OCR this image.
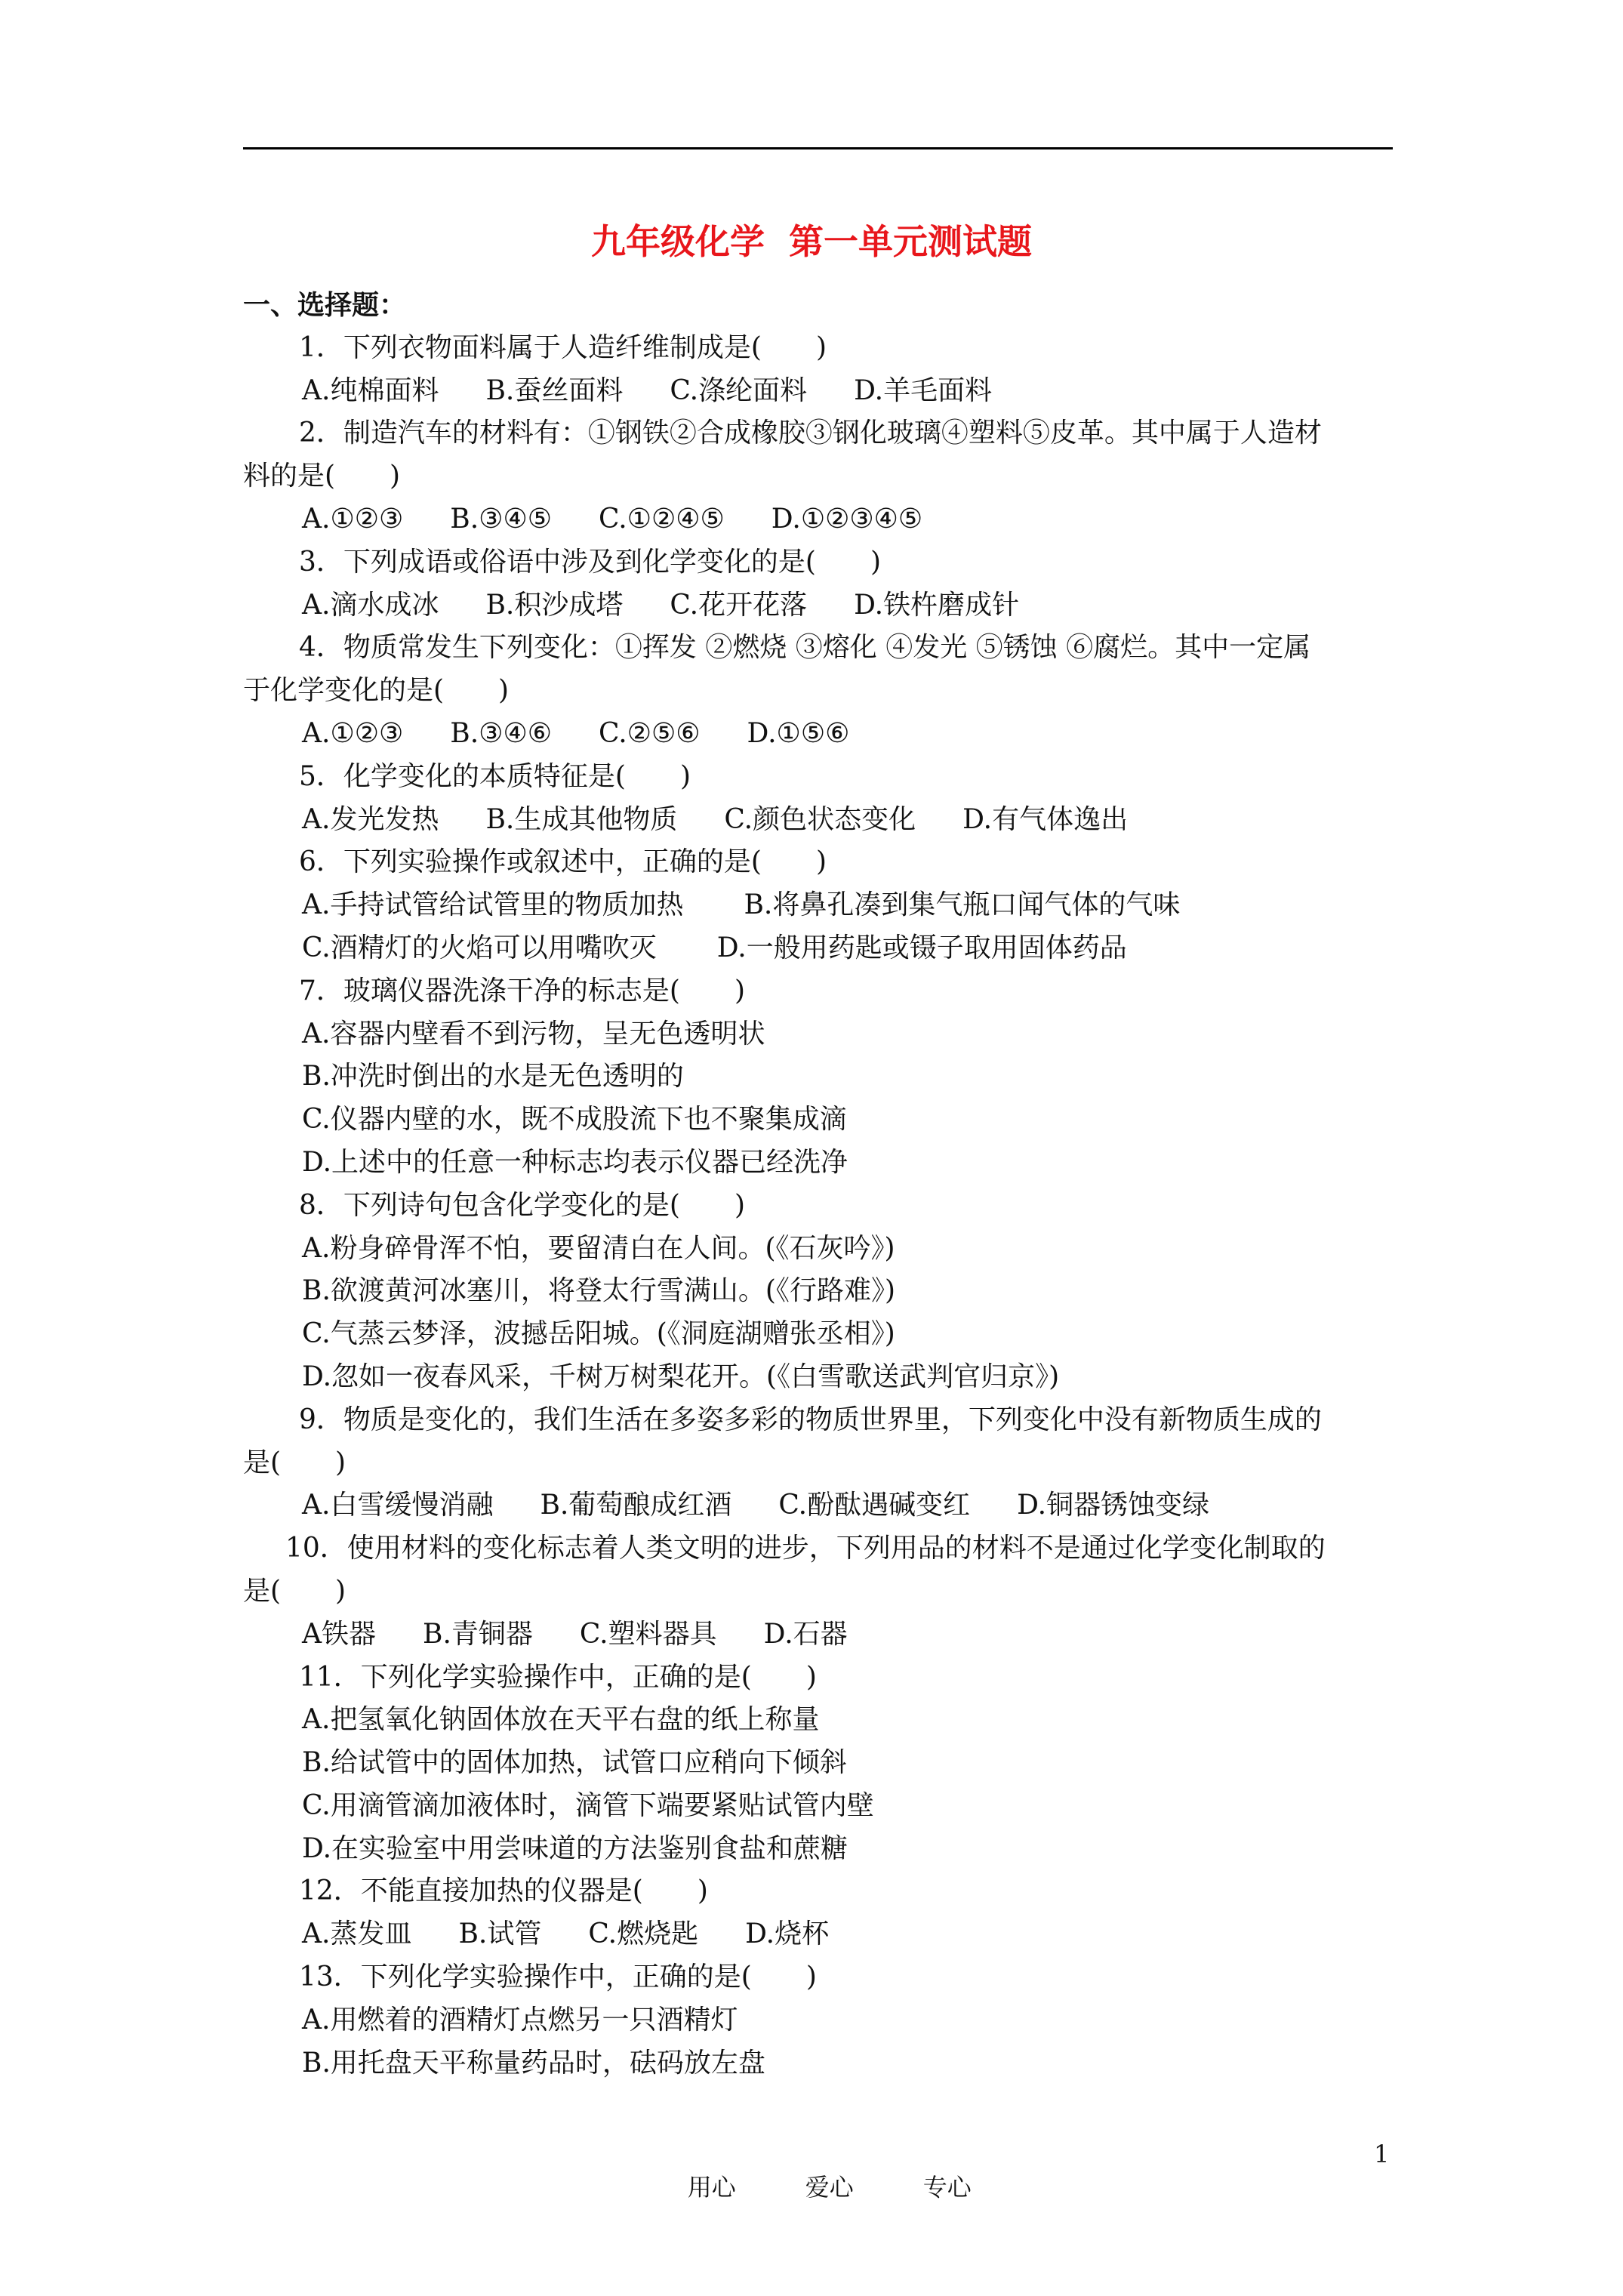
九年级化学  第一单元测试题
一、选择题：
1．下列衣物面料属于人造纤维制成是(　　)
A.纯棉面料 B.蚕丝面料 C.涤纶面料 D.羊毛面料
2．制造汽车的材料有：①钢铁②合成橡胶③钢化玻璃④塑料⑤皮革。其中属于人造材
料的是(　　)
A.①②③ B.③④⑤ C.①②④⑤ D.①②③④⑤
3．下列成语或俗语中涉及到化学变化的是(　　)
A.滴水成冰 B.积沙成塔 C.花开花落 D.铁杵磨成针
4．物质常发生下列变化：①挥发 ②燃烧 ③熔化 ④发光 ⑤锈蚀 ⑥腐烂。其中一定属
于化学变化的是(　　)
A.①②③ B.③④⑥ C.②⑤⑥ D.①⑤⑥
5．化学变化的本质特征是(　　)
A.发光发热 B.生成其他物质 C.颜色状态变化 D.有气体逸出
6．下列实验操作或叙述中，正确的是(　　)
A.手持试管给试管里的物质加热 B.将鼻孔凑到集气瓶口闻气体的气味
C.酒精灯的火焰可以用嘴吹灭 D.一般用药匙或镊子取用固体药品
7．玻璃仪器洗涤干净的标志是(　　)
A.容器内壁看不到污物，呈无色透明状
B.冲洗时倒出的水是无色透明的
C.仪器内壁的水，既不成股流下也不聚集成滴
D.上述中的任意一种标志均表示仪器已经洗净
8．下列诗句包含化学变化的是(　　)
A.粉身碎骨浑不怕，要留清白在人间。(《石灰吟》)
B.欲渡黄河冰塞川，将登太行雪满山。(《行路难》)
C.气蒸云梦泽，波撼岳阳城。(《洞庭湖赠张丞相》)
D.忽如一夜春风采，千树万树梨花开。(《白雪歌送武判官归京》)
9．物质是变化的，我们生活在多姿多彩的物质世界里，下列变化中没有新物质生成的
是(　　)
A.白雪缓慢消融 B.葡萄酿成红酒 C.酚酞遇碱变红 D.铜器锈蚀变绿
10．使用材料的变化标志着人类文明的进步，下列用品的材料不是通过化学变化制取的
是(　　)
A铁器 B.青铜器 C.塑料器具 D.石器
11．下列化学实验操作中，正确的是(　　)
A.把氢氧化钠固体放在天平右盘的纸上称量
B.给试管中的固体加热，试管口应稍向下倾斜
C.用滴管滴加液体时，滴管下端要紧贴试管内壁
D.在实验室中用尝味道的方法鉴别食盐和蔗糖
12．不能直接加热的仪器是(　　)
A.蒸发皿 B.试管 C.燃烧匙 D.烧杯
13．下列化学实验操作中，正确的是(　　)
A.用燃着的酒精灯点燃另一只酒精灯
B.用托盘天平称量药品时，砝码放左盘

用心	爱心	专心

1
